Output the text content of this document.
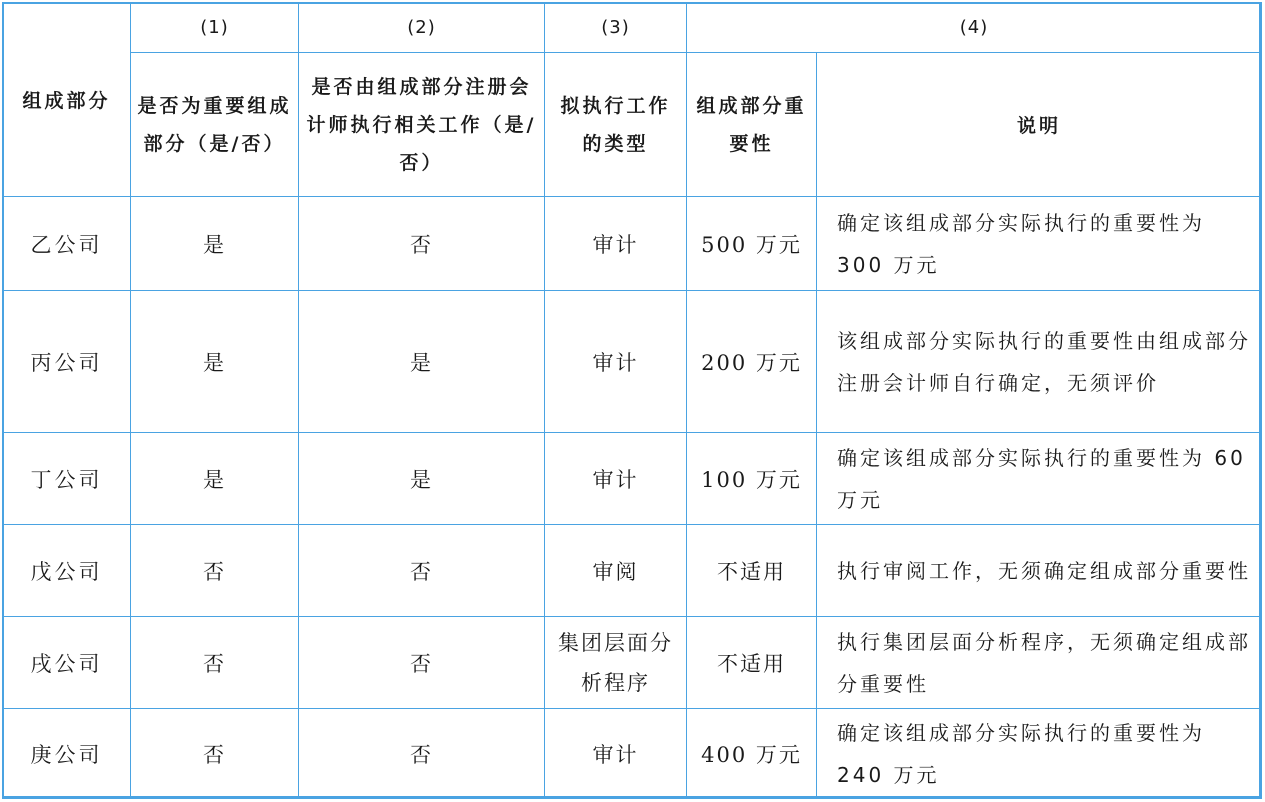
组成部分	(1)	(2)	(3)	(4)	
	是否为重要组成部分（是/否）	是否由组成部分注册会计师执行相关工作（是/否）	拟执行工作的类型	组成部分重要性	说明
乙公司	是	否	审计	500 万元	确定该组成部分实际执行的重要性为 300 万元
丙公司	是	是	审计	200 万元	该组成部分实际执行的重要性由组成部分注册会计师自行确定，无须评价
丁公司	是	是	审计	100 万元	确定该组成部分实际执行的重要性为 60 万元
戊公司	否	否	审阅	不适用	执行审阅工作，无须确定组成部分重要性
戌公司	否	否	集团层面分析程序	不适用	执行集团层面分析程序，无须确定组成部分重要性
庚公司	否	否	审计	400 万元	确定该组成部分实际执行的重要性为 240 万元
